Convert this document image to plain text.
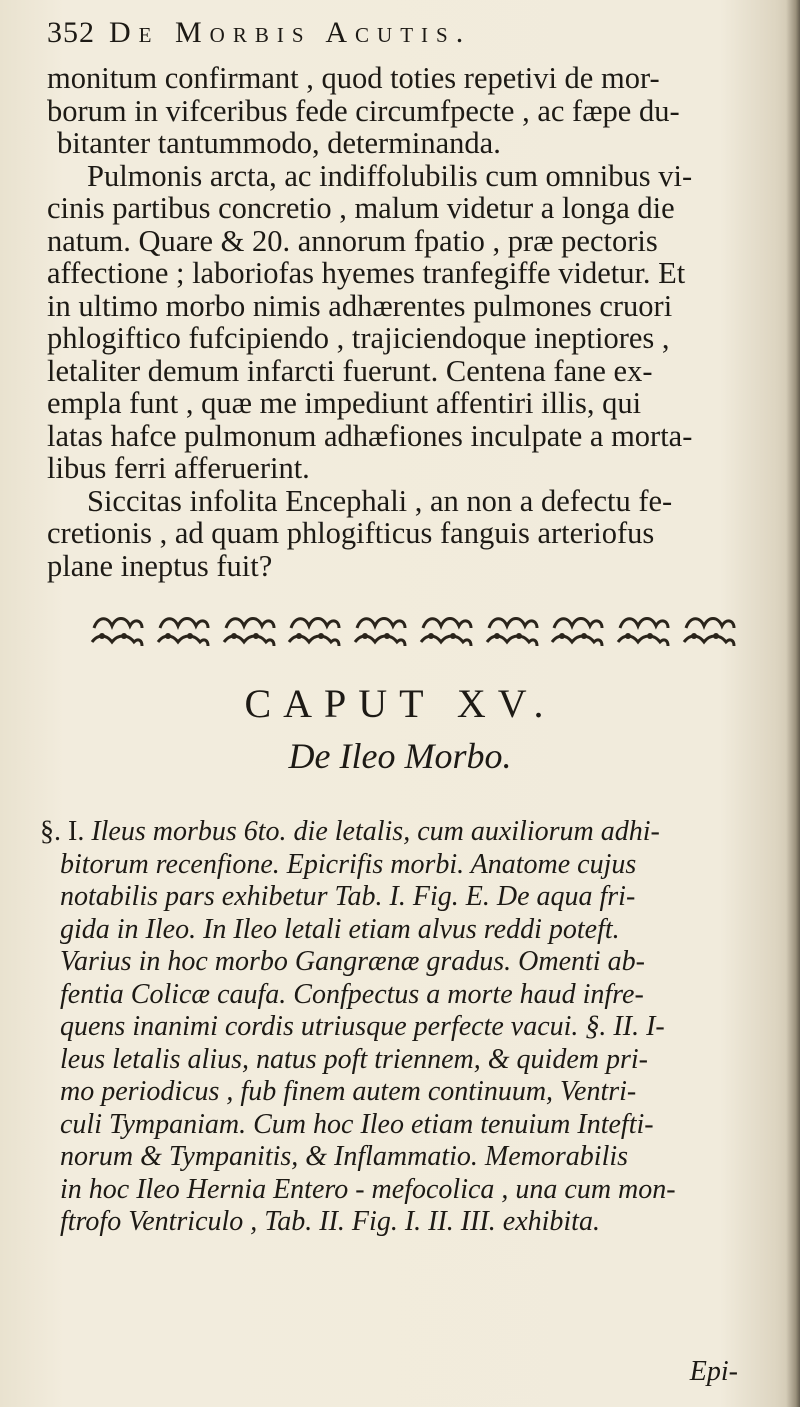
352 De Morbis Acutis.

monitum confirmant , quod toties repetivi de mor-

borum in vifceribus fede circumfpecte , ac fæpe du-

bitanter tantummodo, determinanda.

Pulmonis arcta, ac indiffolubilis cum omnibus vi-

cinis partibus concretio , malum videtur a longa die

natum. Quare & 20. annorum fpatio , præ pectoris

affectione ; laboriofas hyemes tranfegiffe videtur. Et

in ultimo morbo nimis adhærentes pulmones cruori

phlogiftico fufcipiendo , trajiciendoque ineptiores ,

letaliter demum infarcti fuerunt. Centena fane ex-

empla funt , quæ me impediunt affentiri illis, qui

latas hafce pulmonum adhæfiones inculpate a morta-

libus ferri afferuerint.

Siccitas infolita Encephali , an non a defectu fe-

cretionis , ad quam phlogifticus fanguis arteriofus

plane ineptus fuit?

CAPUT XV.
De Ileo Morbo.

§. I. Ileus morbus 6to. die letalis, cum auxiliorum adhi-

bitorum recenfione. Epicrifis morbi. Anatome cujus

notabilis pars exhibetur Tab. I. Fig. E. De aqua fri-

gida in Ileo. In Ileo letali etiam alvus reddi poteft.

Varius in hoc morbo Gangrænæ gradus. Omenti ab-

fentia Colicæ caufa. Confpectus a morte haud infre-

quens inanimi cordis utriusque perfecte vacui. §. II. I-

leus letalis alius, natus poft triennem, & quidem pri-

mo periodicus , fub finem autem continuum, Ventri-

culi Tympaniam. Cum hoc Ileo etiam tenuium Intefti-

norum & Tympanitis, & Inflammatio. Memorabilis

in hoc Ileo Hernia Entero - mefocolica , una cum mon-

ftrofo Ventriculo , Tab. II. Fig. I. II. III. exhibita.

Epi-
